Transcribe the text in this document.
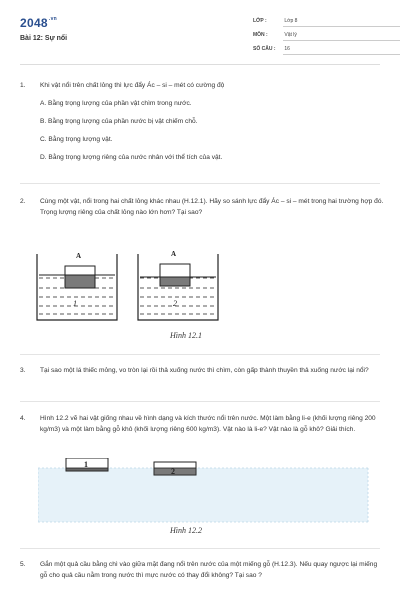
$2048^{.vn}$
Bài 12: Sự nổi
LỚP :	Lớp 8
MÔN :	Vật lý
SỐ CÂU : 16
1.	Khi vật nổi trên chất lỏng thì lực đẩy Ác – si – mét có cường độ
A. Bằng trọng lượng của phần vật chìm trong nước.
B. Bằng trọng lượng của phần nước bị vật chiếm chỗ.
C. Bằng trọng lượng vật.
D. Bằng trọng lượng riêng của nước nhân với thể tích của vật.
2.	Cùng một vật, nổi trong hai chất lỏng khác nhau (H.12.1). Hãy so sánh lực đẩy Ác – si – mét trong hai trường hợp đó. Trọng lượng riêng của chất lỏng nào lớn hơn? Tại sao?
A
1
A
2
Hình 12.1
3.	Tại sao một lá thiếc mỏng, vo tròn lại rồi thả xuống nước thì chìm, còn gấp thành thuyền thả xuống nước lại nổi?
4.	Hình 12.2 vẽ hai vật giống nhau về hình dạng và kích thước nổi trên nước. Một làm bằng li-e (khối lượng riêng 200 kg/m3) và một làm bằng gỗ khô (khối lượng riêng 600 kg/m3). Vật nào là li-e? Vật nào là gỗ khô? Giải thích.
1
2
Hình 12.2
5.	Gắn một quả cầu bằng chì vào giữa mặt đang nổi trên nước của một miếng gỗ (H.12.3). Nếu quay ngược lại miếng gỗ cho quả cầu nằm trong nước thì mực nước có thay đổi không? Tại sao ?
